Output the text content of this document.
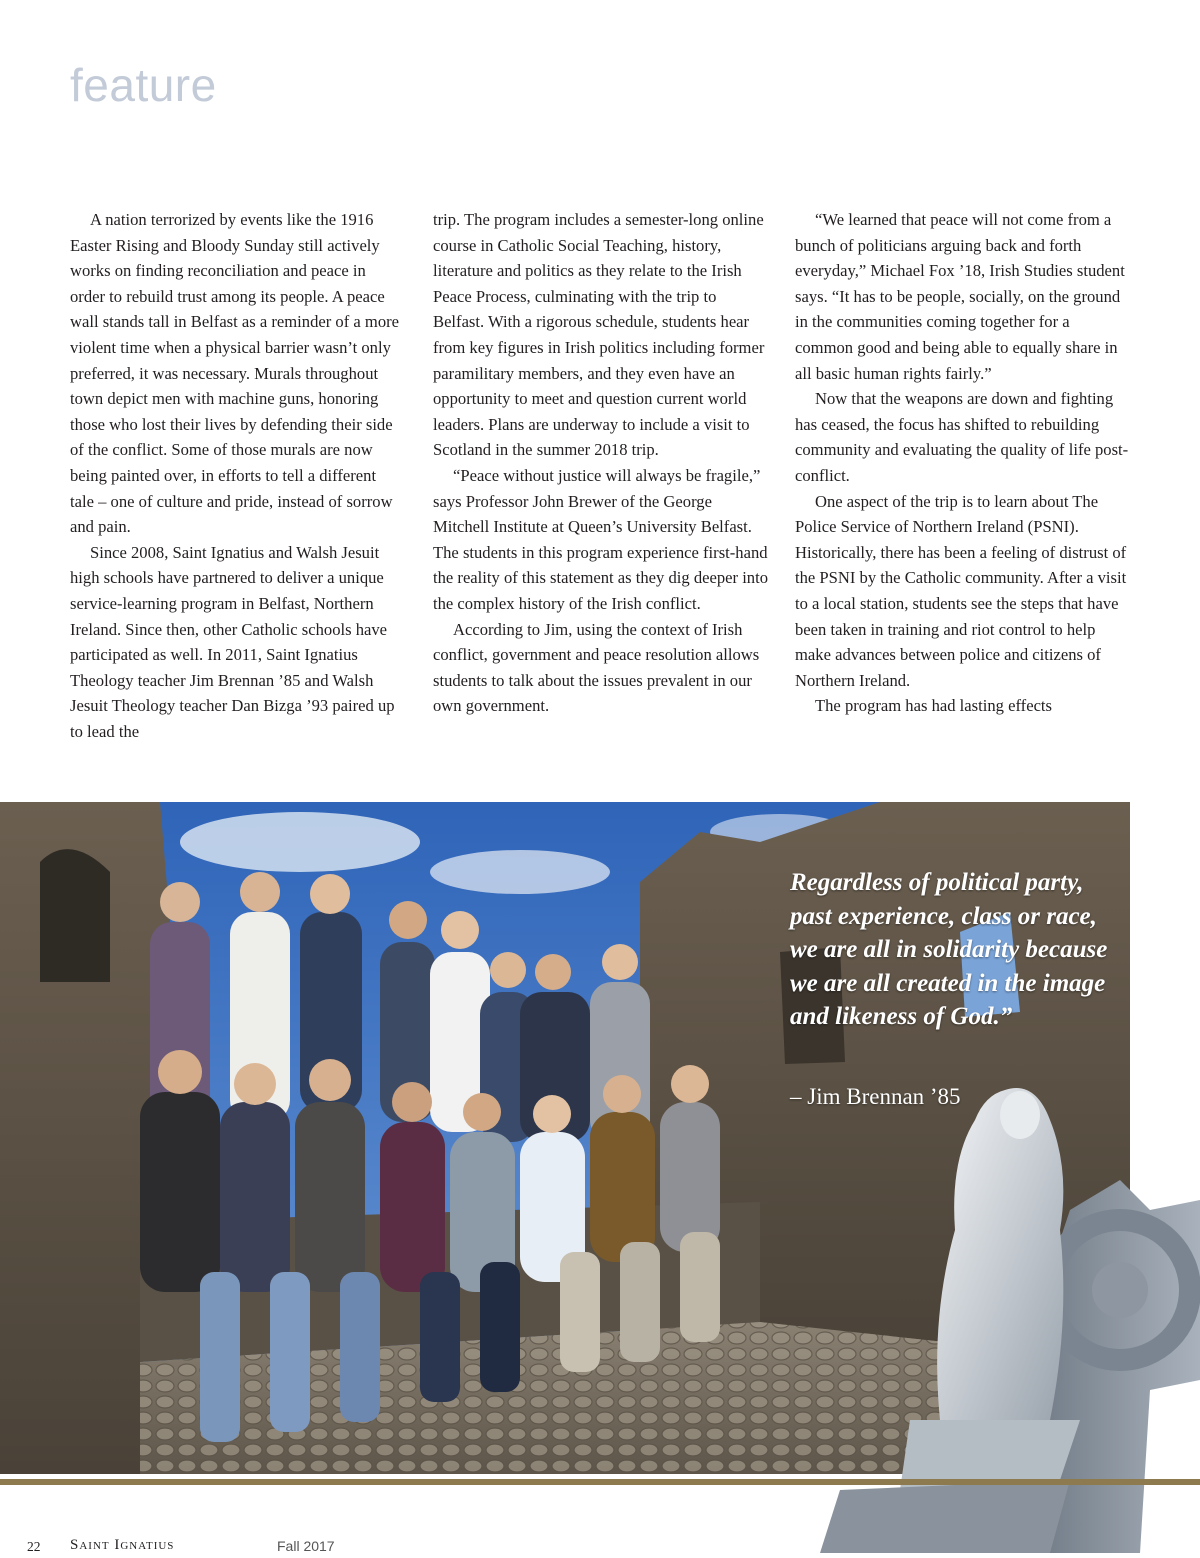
feature

A nation terrorized by events like the 1916 Easter Rising and Bloody Sunday still actively works on finding reconciliation and peace in order to rebuild trust among its people. A peace wall stands tall in Belfast as a reminder of a more violent time when a physical barrier wasn’t only preferred, it was necessary. Murals throughout town depict men with machine guns, honoring those who lost their lives by defending their side of the conflict. Some of those murals are now being painted over, in efforts to tell a different tale – one of culture and pride, instead of sorrow and pain.

Since 2008, Saint Ignatius and Walsh Jesuit high schools have partnered to deliver a unique service-learning program in Belfast, Northern Ireland. Since then, other Catholic schools have participated as well. In 2011, Saint Ignatius Theology teacher Jim Brennan ’85 and Walsh Jesuit Theology teacher Dan Bizga ’93 paired up to lead the

trip. The program includes a semester-long online course in Catholic Social Teaching, history, literature and politics as they relate to the Irish Peace Process, culminating with the trip to Belfast. With a rigorous schedule, students hear from key figures in Irish politics including former paramilitary members, and they even have an opportunity to meet and question current world leaders. Plans are underway to include a visit to Scotland in the summer 2018 trip.

“Peace without justice will always be fragile,” says Professor John Brewer of the George Mitchell Institute at Queen’s University Belfast. The students in this program experience first-hand the reality of this statement as they dig deeper into the complex history of the Irish conflict.

According to Jim, using the context of Irish conflict, government and peace resolution allows students to talk about the issues prevalent in our own government.

“We learned that peace will not come from a bunch of politicians arguing back and forth everyday,” Michael Fox ’18, Irish Studies student says. “It has to be people, socially, on the ground in the communities coming together for a common good and being able to equally share in all basic human rights fairly.”

Now that the weapons are down and fighting has ceased, the focus has shifted to rebuilding community and evaluating the quality of life post-conflict.

One aspect of the trip is to learn about The Police Service of Northern Ireland (PSNI). Historically, there has been a feeling of distrust of the PSNI by the Catholic community. After a visit to a local station, students see the steps that have been taken in training and riot control to help make advances between police and citizens of Northern Ireland.

The program has had lasting effects

Regardless of political party, past experience, class or race, we are all in solidarity because we are all created in the image and likeness of God.”
– Jim Brennan ’85
22 Saint Ignatius	Fall 2017
